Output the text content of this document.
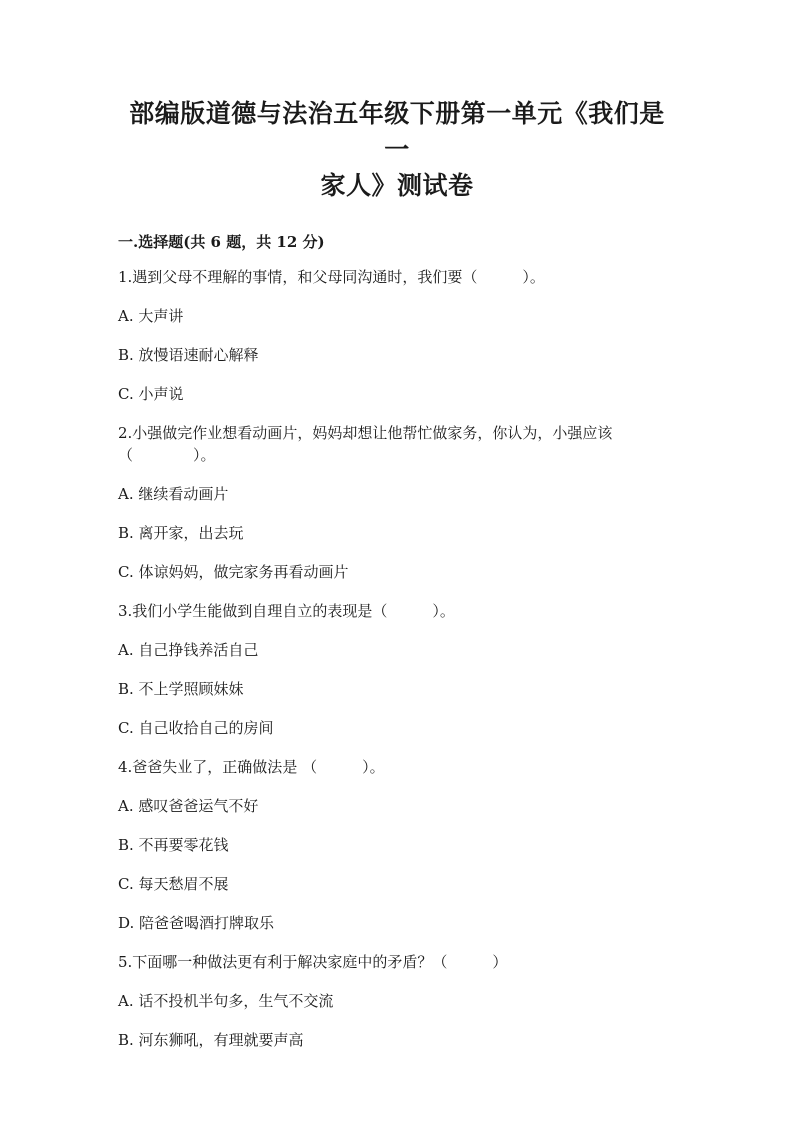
部编版道德与法治五年级下册第一单元《我们是一
家人》测试卷
一.选择题(共 6 题，共 12 分)
1.遇到父母不理解的事情，和父母同沟通时，我们要（　　　）。
A. 大声讲
B. 放慢语速耐心解释
C. 小声说
2.小强做完作业想看动画片，妈妈却想让他帮忙做家务，你认为，小强应该
（　　　　）。
A. 继续看动画片
B. 离开家，出去玩
C. 体谅妈妈，做完家务再看动画片
3.我们小学生能做到自理自立的表现是（　　　）。
A. 自己挣钱养活自己
B. 不上学照顾妹妹
C. 自己收拾自己的房间
4.爸爸失业了，正确做法是 （　　　）。
A. 感叹爸爸运气不好
B. 不再要零花钱
C. 每天愁眉不展
D. 陪爸爸喝酒打牌取乐
5.下面哪一种做法更有利于解决家庭中的矛盾？（　　　）
A. 话不投机半句多，生气不交流
B. 河东狮吼，有理就要声高
